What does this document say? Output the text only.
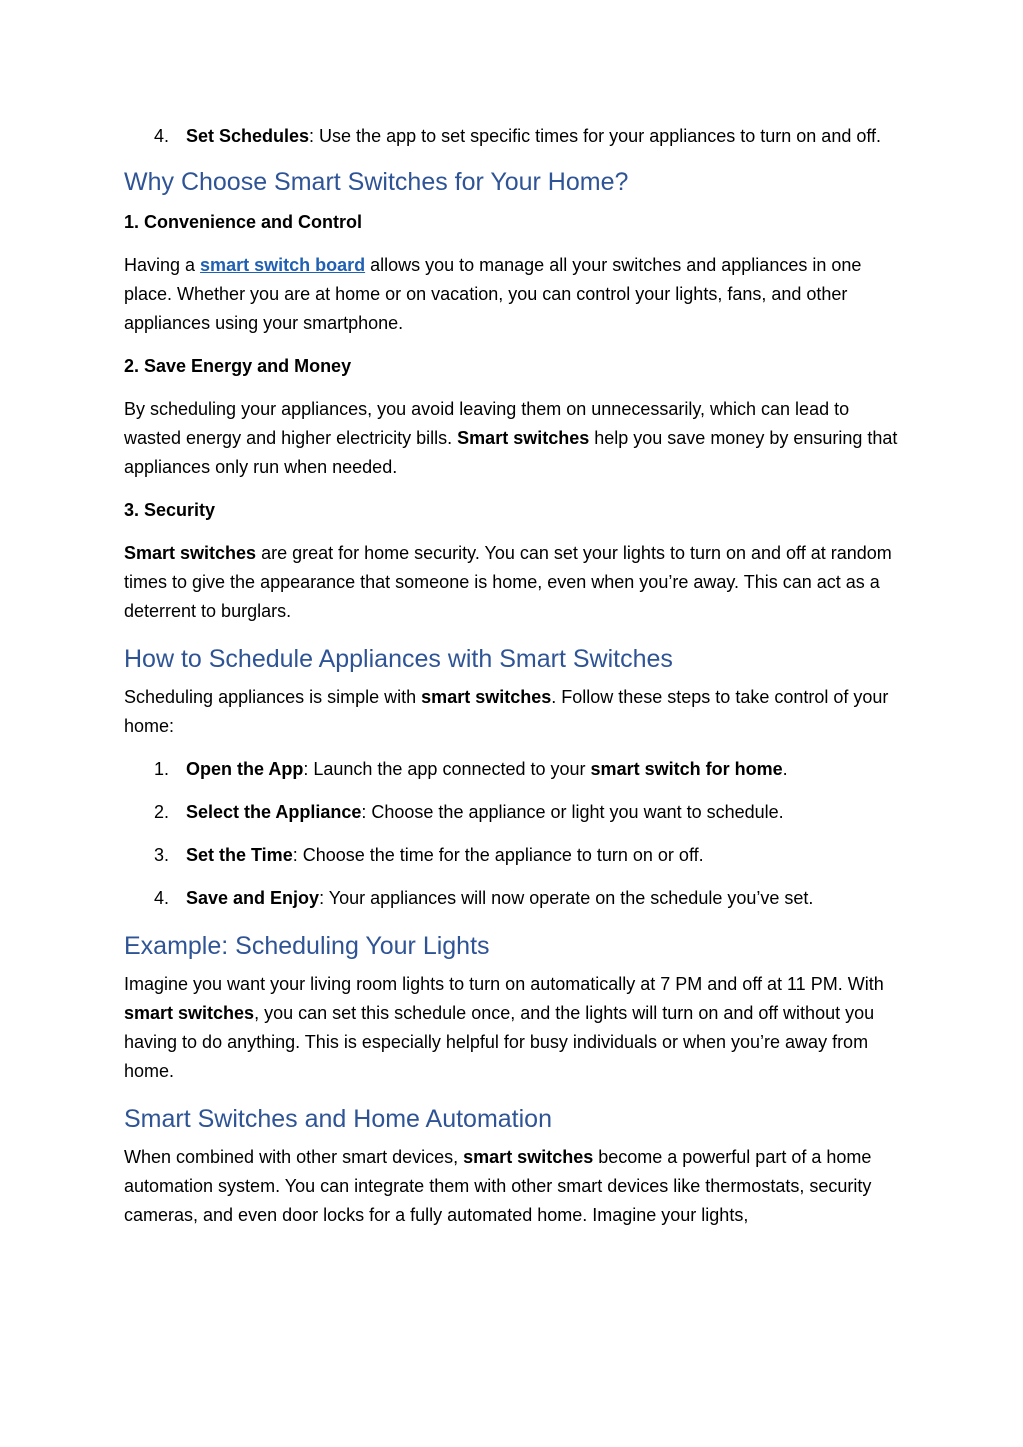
4. Set Schedules: Use the app to set specific times for your appliances to turn on and off.
Why Choose Smart Switches for Your Home?
1. Convenience and Control

Having a smart switch board allows you to manage all your switches and appliances in one place. Whether you are at home or on vacation, you can control your lights, fans, and other appliances using your smartphone.

2. Save Energy and Money

By scheduling your appliances, you avoid leaving them on unnecessarily, which can lead to wasted energy and higher electricity bills. Smart switches help you save money by ensuring that appliances only run when needed.

3. Security

Smart switches are great for home security. You can set your lights to turn on and off at random times to give the appearance that someone is home, even when you’re away. This can act as a deterrent to burglars.

How to Schedule Appliances with Smart Switches

Scheduling appliances is simple with smart switches. Follow these steps to take control of your home:

1. Open the App: Launch the app connected to your smart switch for home.
2. Select the Appliance: Choose the appliance or light you want to schedule.
3. Set the Time: Choose the time for the appliance to turn on or off.
4. Save and Enjoy: Your appliances will now operate on the schedule you’ve set.
Example: Scheduling Your Lights

Imagine you want your living room lights to turn on automatically at 7 PM and off at 11 PM. With smart switches, you can set this schedule once, and the lights will turn on and off without you having to do anything. This is especially helpful for busy individuals or when you’re away from home.

Smart Switches and Home Automation

When combined with other smart devices, smart switches become a powerful part of a home automation system. You can integrate them with other smart devices like thermostats, security cameras, and even door locks for a fully automated home. Imagine your lights,
